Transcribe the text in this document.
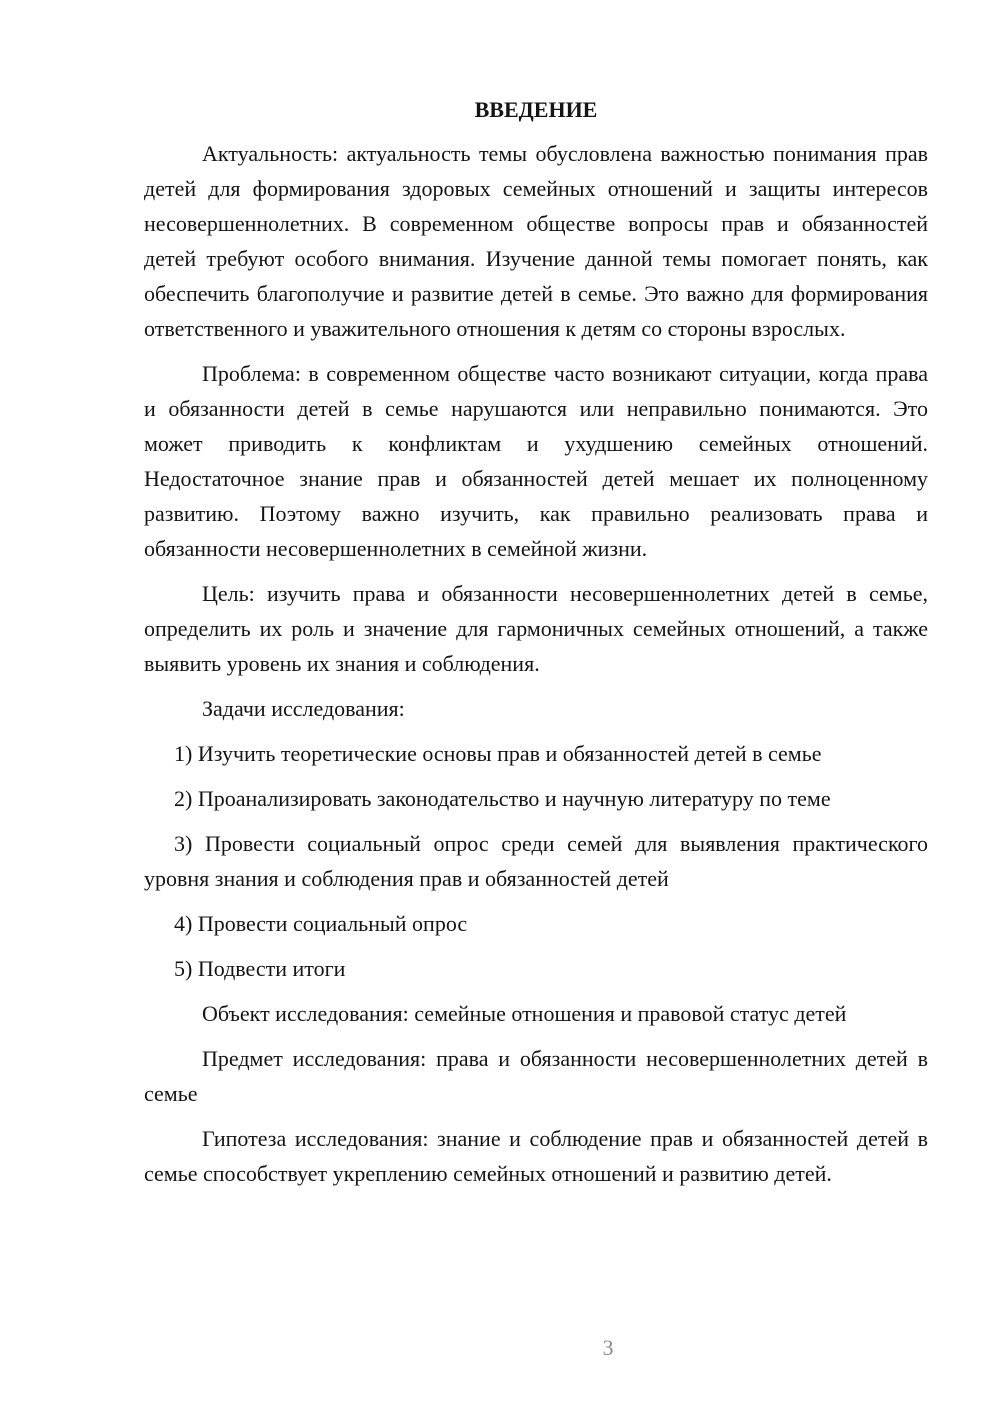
ВВЕДЕНИЕ
Актуальность: актуальность темы обусловлена важностью понимания прав детей для формирования здоровых семейных отношений и защиты интересов несовершеннолетних. В современном обществе вопросы прав и обязанностей детей требуют особого внимания. Изучение данной темы помогает понять, как обеспечить благополучие и развитие детей в семье. Это важно для формирования ответственного и уважительного отношения к детям со стороны взрослых.
Проблема: в современном обществе часто возникают ситуации, когда права и обязанности детей в семье нарушаются или неправильно понимаются. Это может приводить к конфликтам и ухудшению семейных отношений. Недостаточное знание прав и обязанностей детей мешает их полноценному развитию. Поэтому важно изучить, как правильно реализовать права и обязанности несовершеннолетних в семейной жизни.
Цель: изучить права и обязанности несовершеннолетних детей в семье, определить их роль и значение для гармоничных семейных отношений, а также выявить уровень их знания и соблюдения.
Задачи исследования:
1) Изучить теоретические основы прав и обязанностей детей в семье
2) Проанализировать законодательство и научную литературу по теме
3) Провести социальный опрос среди семей для выявления практического уровня знания и соблюдения прав и обязанностей детей
4) Провести социальный опрос
5) Подвести итоги
Объект исследования: семейные отношения и правовой статус детей
Предмет исследования: права и обязанности несовершеннолетних детей в семье
Гипотеза исследования: знание и соблюдение прав и обязанностей детей в семье способствует укреплению семейных отношений и развитию детей.
3
